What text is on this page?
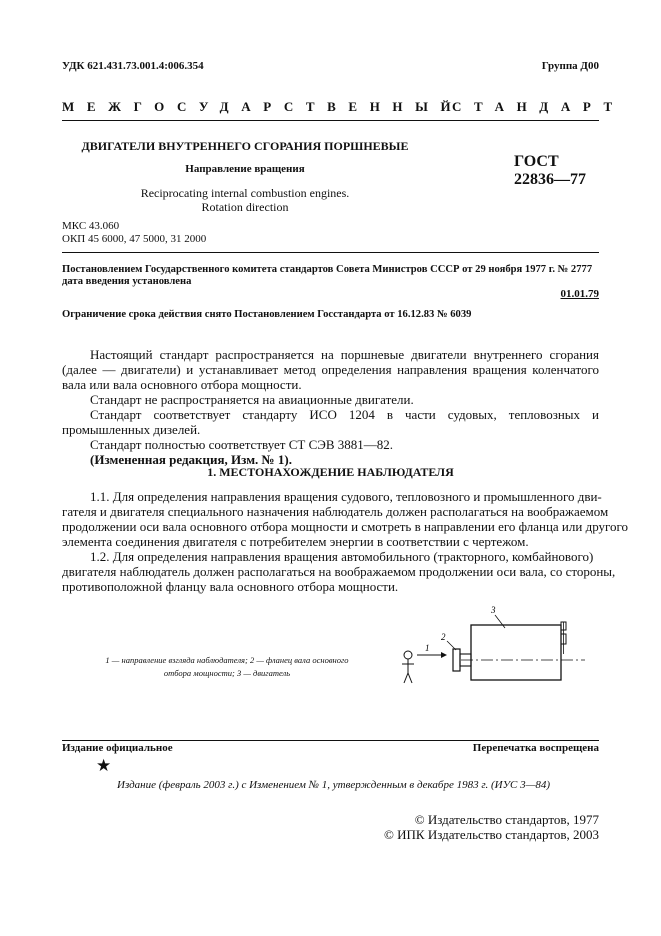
УДК 621.431.73.001.4:006.354	Группа Д00
МЕЖГОСУДАРСТВЕННЫЙ
СТАНДАРТ
ДВИГАТЕЛИ ВНУТРЕННЕГО СГОРАНИЯ ПОРШНЕВЫЕ
Направление вращения
Reciprocating internal combustion engines.
Rotation direction
ГОСТ
22836—77
МКС 43.060
ОКП 45 6000, 47 5000, 31 2000
Постановлением Государственного комитета стандартов Совета Министров СССР от 29 ноября 1977 г. № 2777
дата введения установлена
01.01.79
Ограничение срока действия снято Постановлением Госстандарта от 16.12.83 № 6039

Настоящий стандарт распространяется на поршневые двигатели внутреннего сгорания (далее — двигатели) и устанавливает метод определения направления вращения коленчатого вала или вала основного отбора мощности.

Стандарт не распространяется на авиационные двигатели.

Стандарт соответствует стандарту ИСО 1204 в части судовых, тепловозных и промышленных дизелей.

Стандарт полностью соответствует СТ СЭВ 3881—82.

(Измененная редакция, Изм. № 1).

1. МЕСТОНАХОЖДЕНИЕ НАБЛЮДАТЕЛЯ
1.1. Для определения направления вращения судового, тепловозного и промышленного дви-
гателя и двигателя специального назначения наблюдатель должен располагаться на воображаемом
продолжении оси вала основного отбора мощности и смотреть в направлении его фланца или другого
элемента соединения двигателя с потребителем энергии в соответствии с чертежом.
1.2. Для определения направления вращения автомобильного (тракторного, комбайнового)
двигателя наблюдатель должен располагаться на воображаемом продолжении оси вала, со стороны,
противоположной фланцу вала основного отбора мощности.
1 — направление взгляда наблюдателя; 2 — фланец вала основного
отбора мощности; 3 — двигатель
3
2
1
Издание официальное	Перепечатка воспрещена
★
Издание (февраль 2003 г.) с Изменением № 1, утвержденным в декабре 1983 г. (ИУС 3—84)
© Издательство стандартов, 1977
© ИПК Издательство стандартов, 2003
